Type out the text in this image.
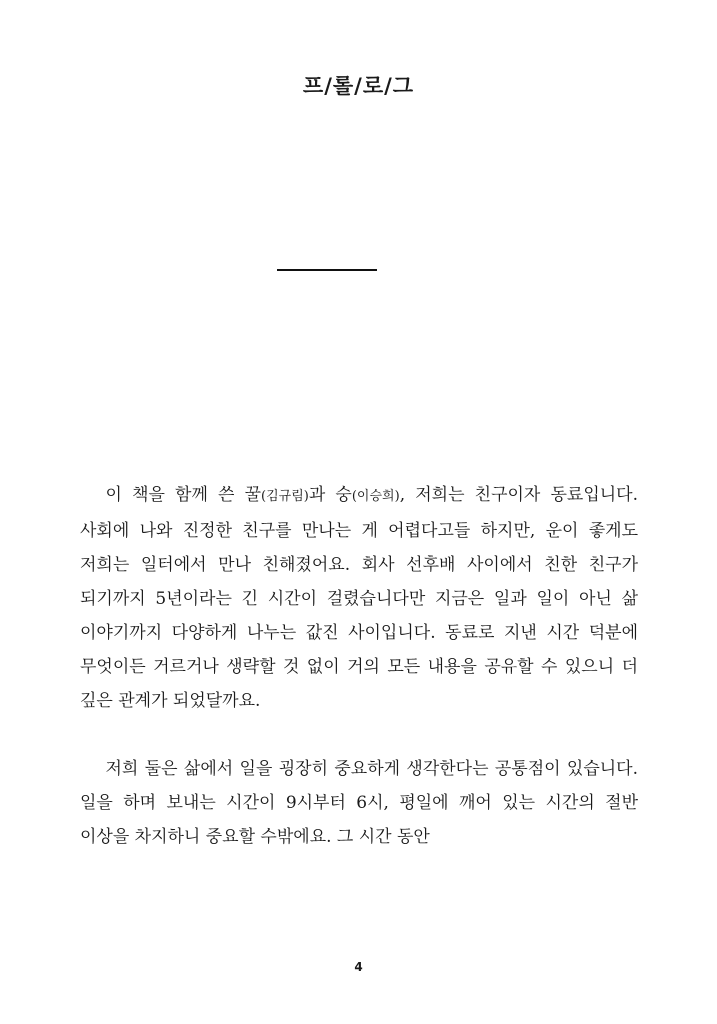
프/롤/로/그

이 책을 함께 쓴 꿀(김규림)과 숭(이승희), 저희는 친구이자 동료입니다. 사회에 나와 진정한 친구를 만나는 게 어렵다고들 하지만, 운이 좋게도 저희는 일터에서 만나 친해졌어요. 회사 선후배 사이에서 친한 친구가 되기까지 5년이라는 긴 시간이 걸렸습니다만 지금은 일과 일이 아닌 삶 이야기까지 다양하게 나누는 값진 사이입니다. 동료로 지낸 시간 덕분에 무엇이든 거르거나 생략할 것 없이 거의 모든 내용을 공유할 수 있으니 더 깊은 관계가 되었달까요.

저희 둘은 삶에서 일을 굉장히 중요하게 생각한다는 공통점이 있습니다. 일을 하며 보내는 시간이 9시부터 6시, 평일에 깨어 있는 시간의 절반 이상을 차지하니 중요할 수밖에요. 그 시간 동안

4
